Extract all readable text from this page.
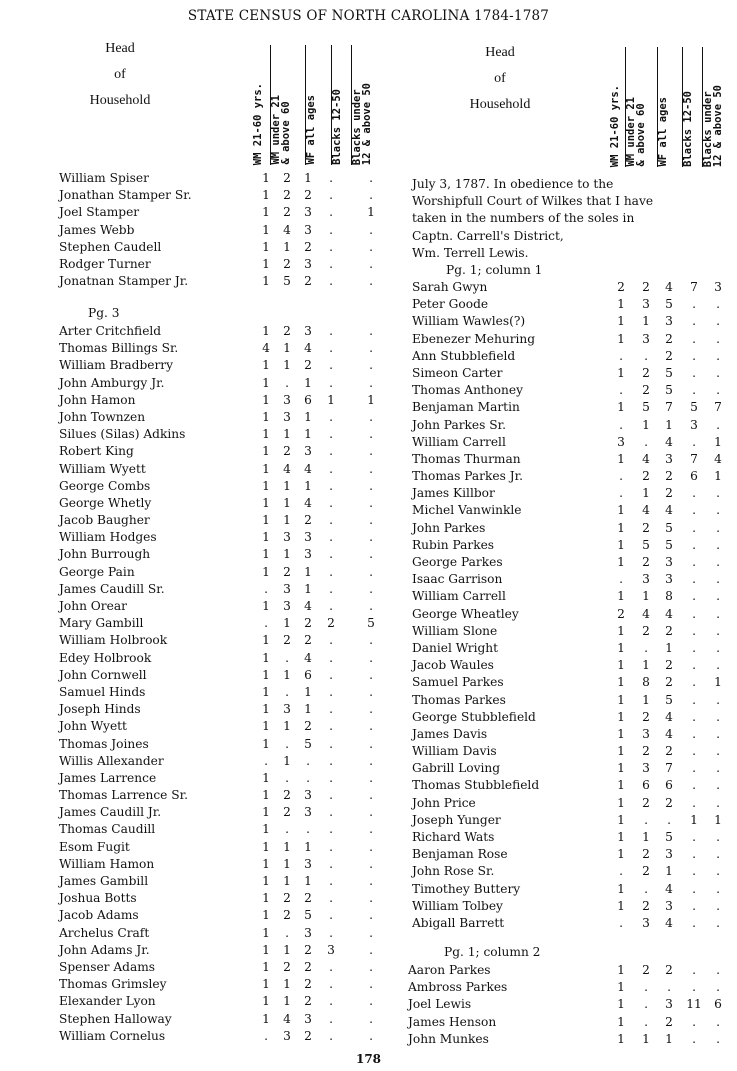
STATE CENSUS OF NORTH CAROLINA 1784-1787
Head
of
Household	WM 21-60 yrs. WM under 21
& above 60 WF all ages Blacks 12-50 Blacks under
12 & above 50
Head
of
Household	WM 21-60 yrs. WM under 21
& above 60 WF all ages Blacks 12-50 Blacks under
12 & above 50
William Spiser	1 2 1	.	.
Jonathan Stamper Sr.	1 2 2	.	.
Joel Stamper	1 2 3	.	1
James Webb	1 4 3	.	.
Stephen Caudell	1 1 2	.	.
Rodger Turner	1 2 3	.	.
Jonatnan Stamper Jr.	1 5 2	.	.
Pg. 3
Arter Critchfield	1 2 3	.	.
Thomas Billings Sr.	4 1 4	.	.
William Bradberry	1 1 2	.	.
John Amburgy Jr.	1	.	1	.	.
John Hamon	1 3 6 1	1
John Townzen	1 3 1	.	.
Silues (Silas) Adkins	1 1 1	.	.
Robert King	1 2 3	.	.
William Wyett	1 4 4	.	.
George Combs	1 1 1	.	.
George Whetly	1 1 4	.	.
Jacob Baugher	1 1 2	.	.
William Hodges	1 3 3	.	.
John Burrough	1 1 3	.	.
George Pain	1 2 1	.	.
James Caudill Sr.	.	3 1	.	.
John Orear	1 3 4	.	.
Mary Gambill	.	1 2 2	5
William Holbrook	1 2 2	.	.
Edey Holbrook	1	.	4	.	.
John Cornwell	1 1 6	.	.
Samuel Hinds	1	.	1	.	.
Joseph Hinds	1 3 1	.	.
John Wyett	1 1 2	.	.
Thomas Joines	1	.	5	.	.
Willis Allexander	.	1	.	.	.
James Larrence	1	.	.	.	.
Thomas Larrence Sr.	1 2 3	.	.
James Caudill Jr.	1 2 3	.	.
Thomas Caudill	1	.	.	.	.
Esom Fugit	1 1 1	.	.
William Hamon	1 1 3	.	.
James Gambill	1 1 1	.	.
Joshua Botts	1 2 2	.	.
Jacob Adams	1 2 5	.	.
Archelus Craft	1	.	3	.	.
John Adams Jr.	1 1 2 3	.
Spenser Adams	1 2 2	.	.
Thomas Grimsley	1 1 2	.	.
Elexander Lyon	1 1 2	.	.
Stephen Halloway	1 4 3	.	.
William Cornelus	.	3 2	.	.
July 3, 1787. In obedience to the
Worshipfull Court of Wilkes that I have
taken in the numbers of the soles in
Captn. Carrell's District,
Wm. Terrell Lewis.
Pg. 1; column 1
Sarah Gwyn	2 2 4 7 3
Peter Goode	1 3 5	.	.
William Wawles(?)	1 1 3	.	.
Ebenezer Mehuring	1 3 2	.	.
Ann Stubblefield	.	.	2	.	.
Simeon Carter	1 2 5	.	.
Thomas Anthoney	.	2 5	.	.
Benjaman Martin	1 5 7 5 7
John Parkes Sr.	.	1 1 3	.
William Carrell	3	.	4	.	1
Thomas Thurman	1 4 3 7 4
Thomas Parkes Jr.	.	2 2 6 1
James Killbor	.	1 2	.	.
Michel Vanwinkle	1 4 4	.	.
John Parkes	1 2 5	.	.
Rubin Parkes	1 5 5	.	.
George Parkes	1 2 3	.	.
Isaac Garrison	.	3 3	.	.
William Carrell	1 1 8	.	.
George Wheatley	2 4 4	.	.
William Slone	1 2 2	.	.
Daniel Wright	1	.	1	.	.
Jacob Waules	1 1 2	.	.
Samuel Parkes	1 8 2	.	1
Thomas Parkes	1 1 5	.	.
George Stubblefield	1 2 4	.	.
James Davis	1 3 4	.	.
William Davis	1 2 2	.	.
Gabrill Loving	1 3 7	.	.
Thomas Stubblefield	1 6 6	.	.
John Price	1 2 2	.	.
Joseph Yunger	1	.	.	1 1
Richard Wats	1 1 5	.	.
Benjaman Rose	1 2 3	.	.
John Rose Sr.	.	2 1	.	.
Timothey Buttery	1	.	4	.	.
William Tolbey	1 2 3	.	.
Abigall Barrett	.	3 4	.	.
Pg. 1; column 2
Aaron Parkes	1 2 2	.	.
Ambross Parkes	1	.	.	.	.
Joel Lewis	1	.	3 11 6
James Henson	1	.	2	.	.
John Munkes	1 1 1	.	.
178
